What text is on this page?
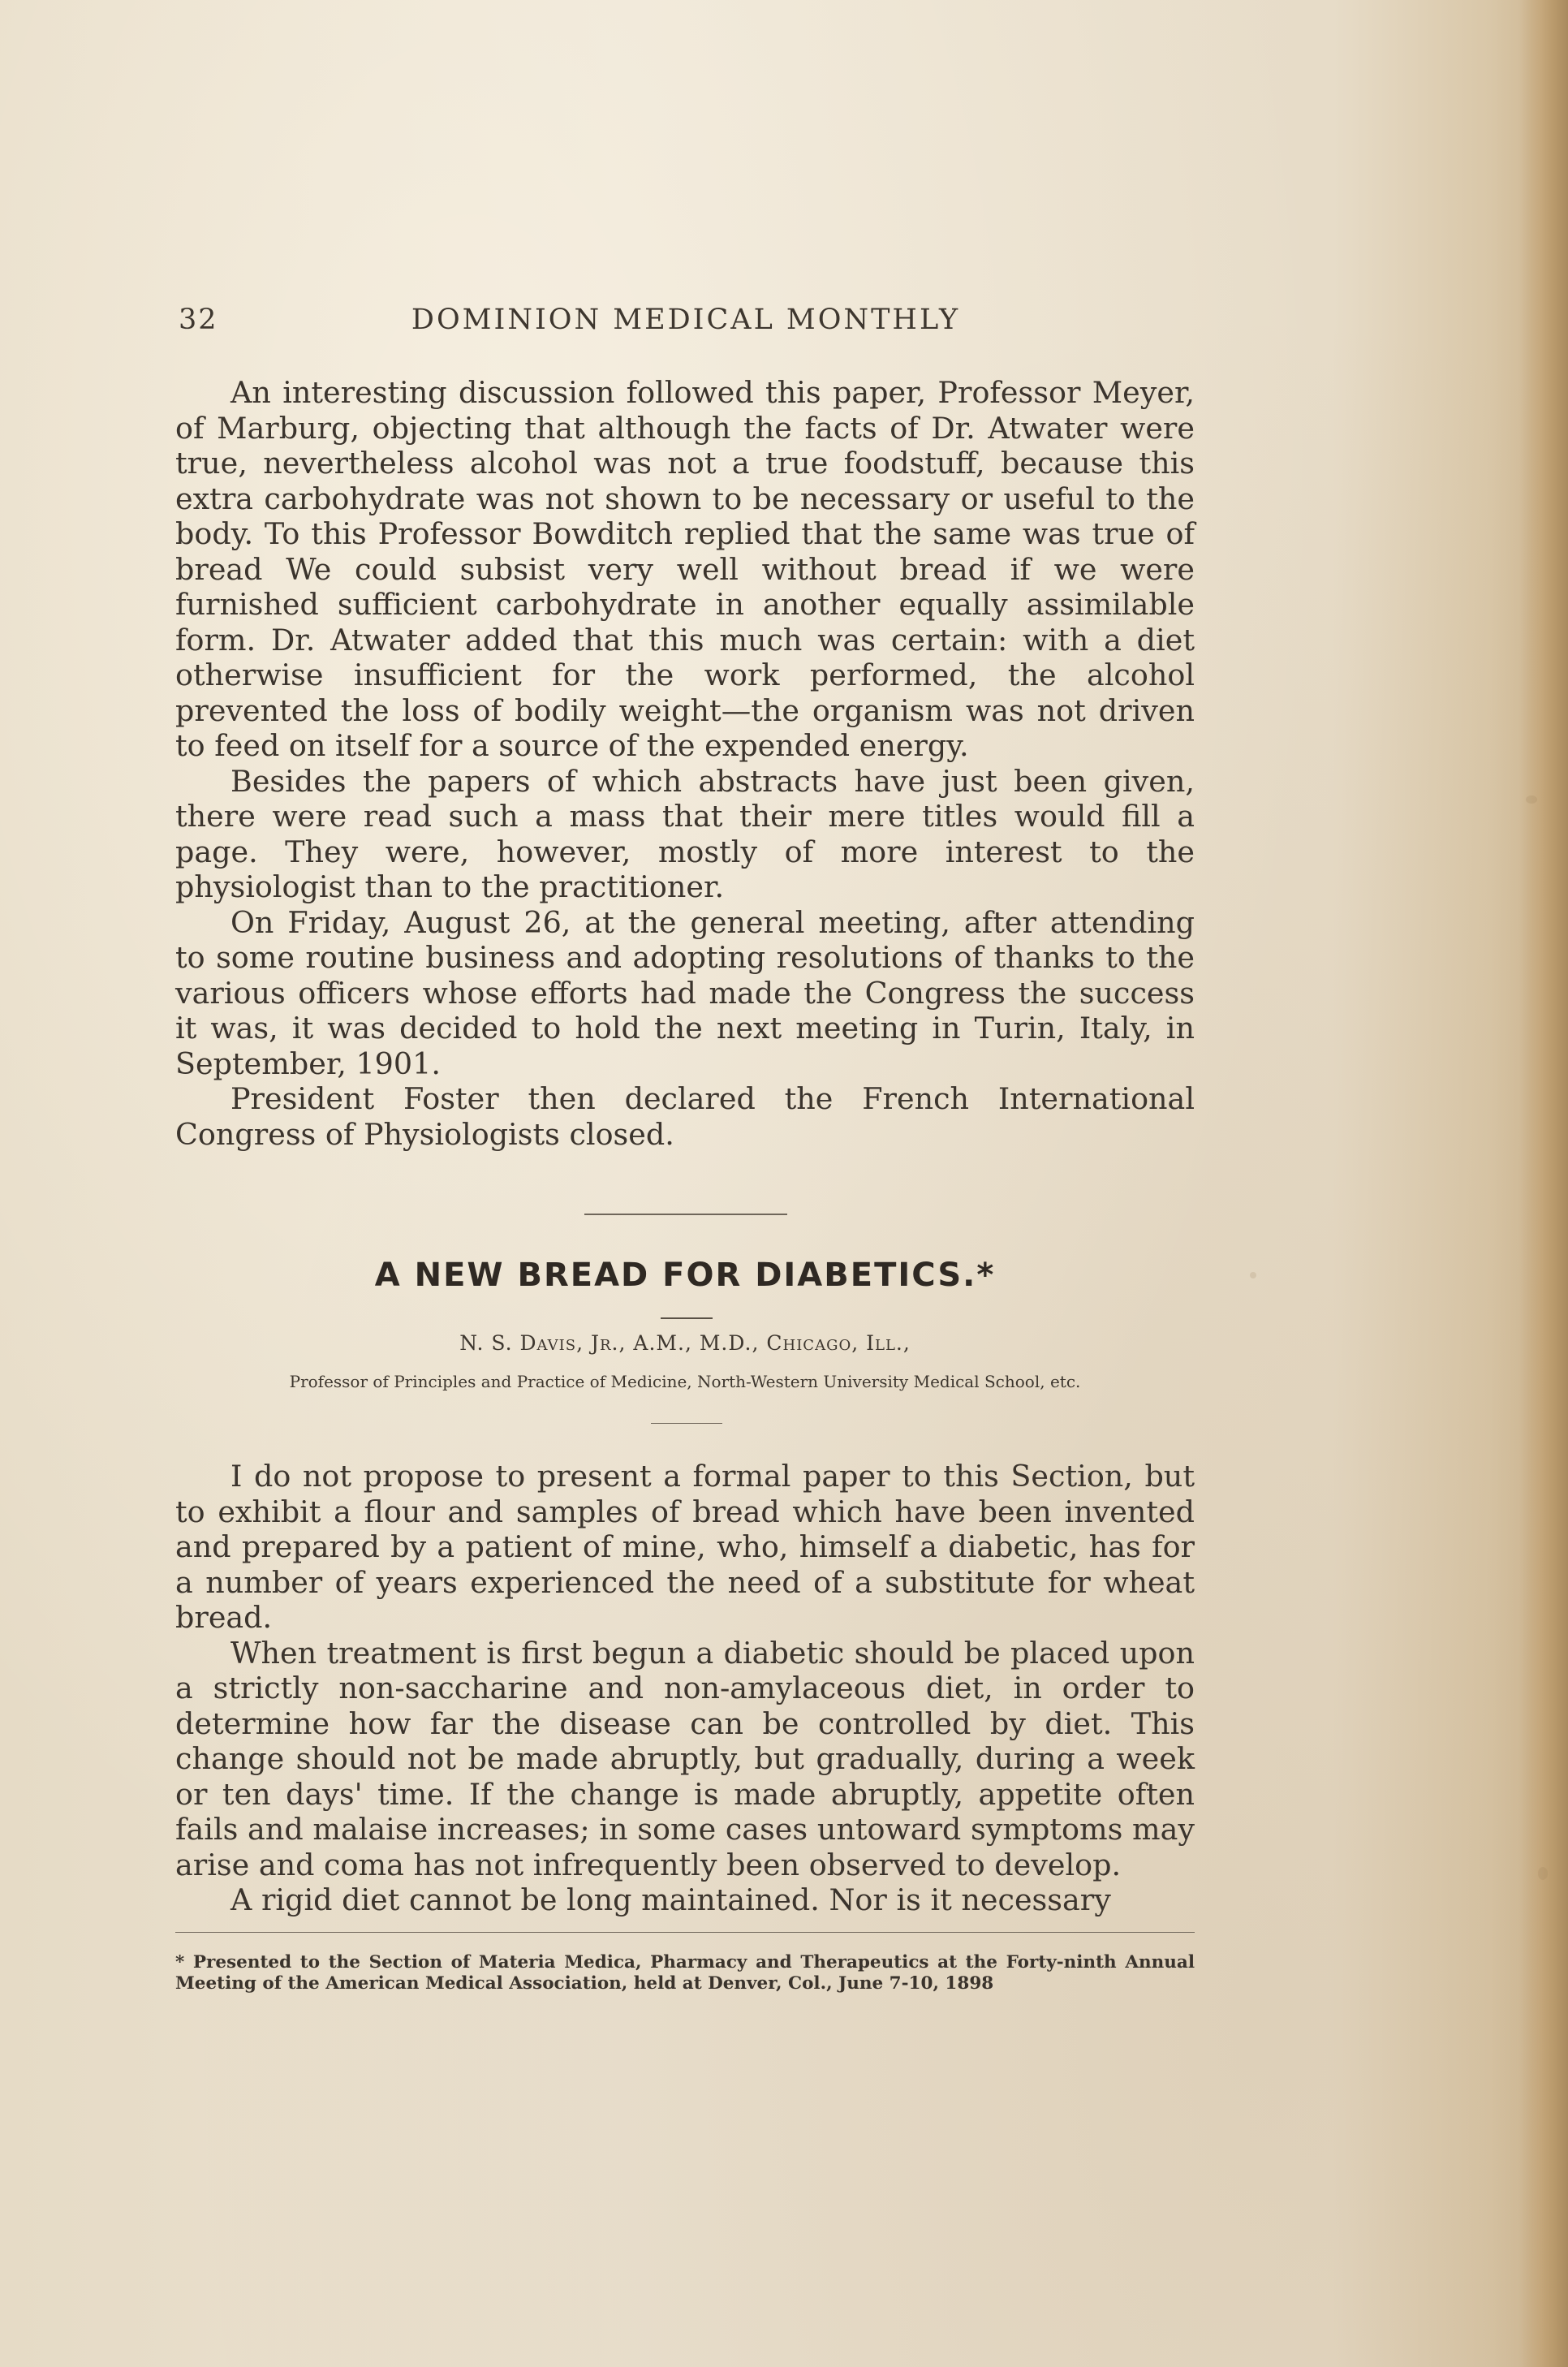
32	DOMINION MEDICAL MONTHLY

An interesting discussion followed this paper, Professor Meyer, of Marburg, objecting that although the facts of Dr. Atwater were true, nevertheless alcohol was not a true foodstuff, because this extra carbohydrate was not shown to be necessary or useful to the body. To this Professor Bowditch replied that the same was true of bread We could subsist very well without bread if we were furnished sufficient carbohydrate in another equally assimilable form. Dr. Atwater added that this much was certain: with a diet otherwise insufficient for the work performed, the alcohol prevented the loss of bodily weight—the organism was not driven to feed on itself for a source of the expended energy.

Besides the papers of which abstracts have just been given, there were read such a mass that their mere titles would fill a page. They were, however, mostly of more interest to the physiologist than to the practitioner.

On Friday, August 26, at the general meeting, after attending to some routine business and adopting resolutions of thanks to the various officers whose efforts had made the Congress the success it was, it was decided to hold the next meeting in Turin, Italy, in September, 1901.

President Foster then declared the French International Congress of Physiologists closed.

A NEW BREAD FOR DIABETICS.*
N. S. Davis, Jr., A.M., M.D., Chicago, Ill.,
Professor of Principles and Practice of Medicine, North-Western University Medical School, etc.

I do not propose to present a formal paper to this Section, but to exhibit a flour and samples of bread which have been invented and prepared by a patient of mine, who, himself a diabetic, has for a number of years experienced the need of a substitute for wheat bread.

When treatment is first begun a diabetic should be placed upon a strictly non-saccharine and non-amylaceous diet, in order to determine how far the disease can be controlled by diet. This change should not be made abruptly, but gradually, during a week or ten days' time. If the change is made abruptly, appetite often fails and malaise increases; in some cases untoward symptoms may arise and coma has not infrequently been observed to develop.

A rigid diet cannot be long maintained. Nor is it necessary

* Presented to the Section of Materia Medica, Pharmacy and Therapeutics at the Forty-ninth Annual Meeting of the American Medical Association, held at Denver, Col., June 7-10, 1898
